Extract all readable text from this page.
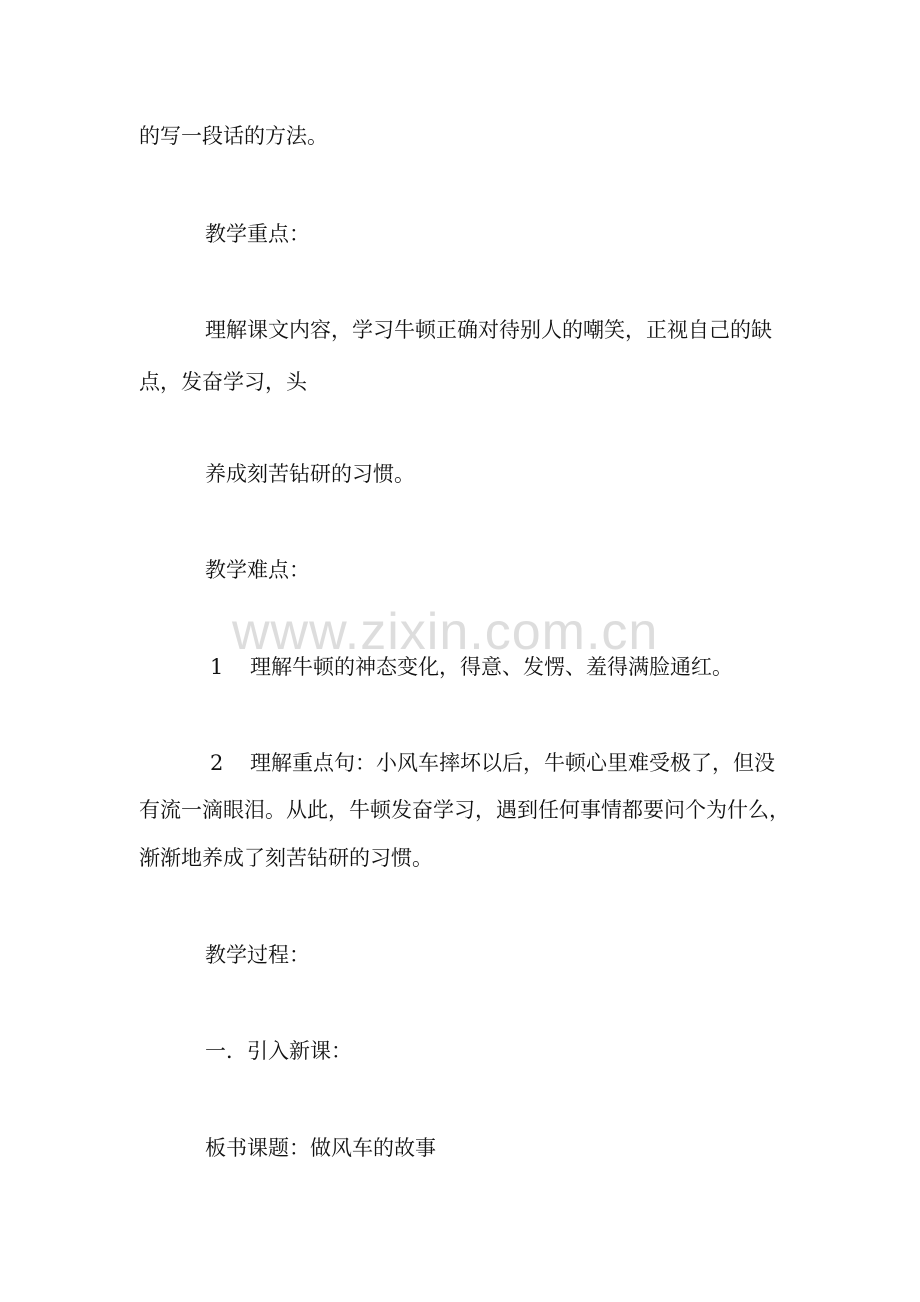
的写一段话的方法。
教学重点：
理解课文内容，学习牛顿正确对待别人的嘲笑，正视自己的缺
点，发奋学习，头
养成刻苦钻研的习惯。
教学难点：
1 理解牛顿的神态变化，得意、发愣、羞得满脸通红。
2 理解重点句：小风车摔坏以后，牛顿心里难受极了，但没
有流一滴眼泪。从此，牛顿发奋学习，遇到任何事情都要问个为什么，
渐渐地养成了刻苦钻研的习惯。
教学过程：
一．引入新课：
板书课题：做风车的故事
www.zixin.com.cn
